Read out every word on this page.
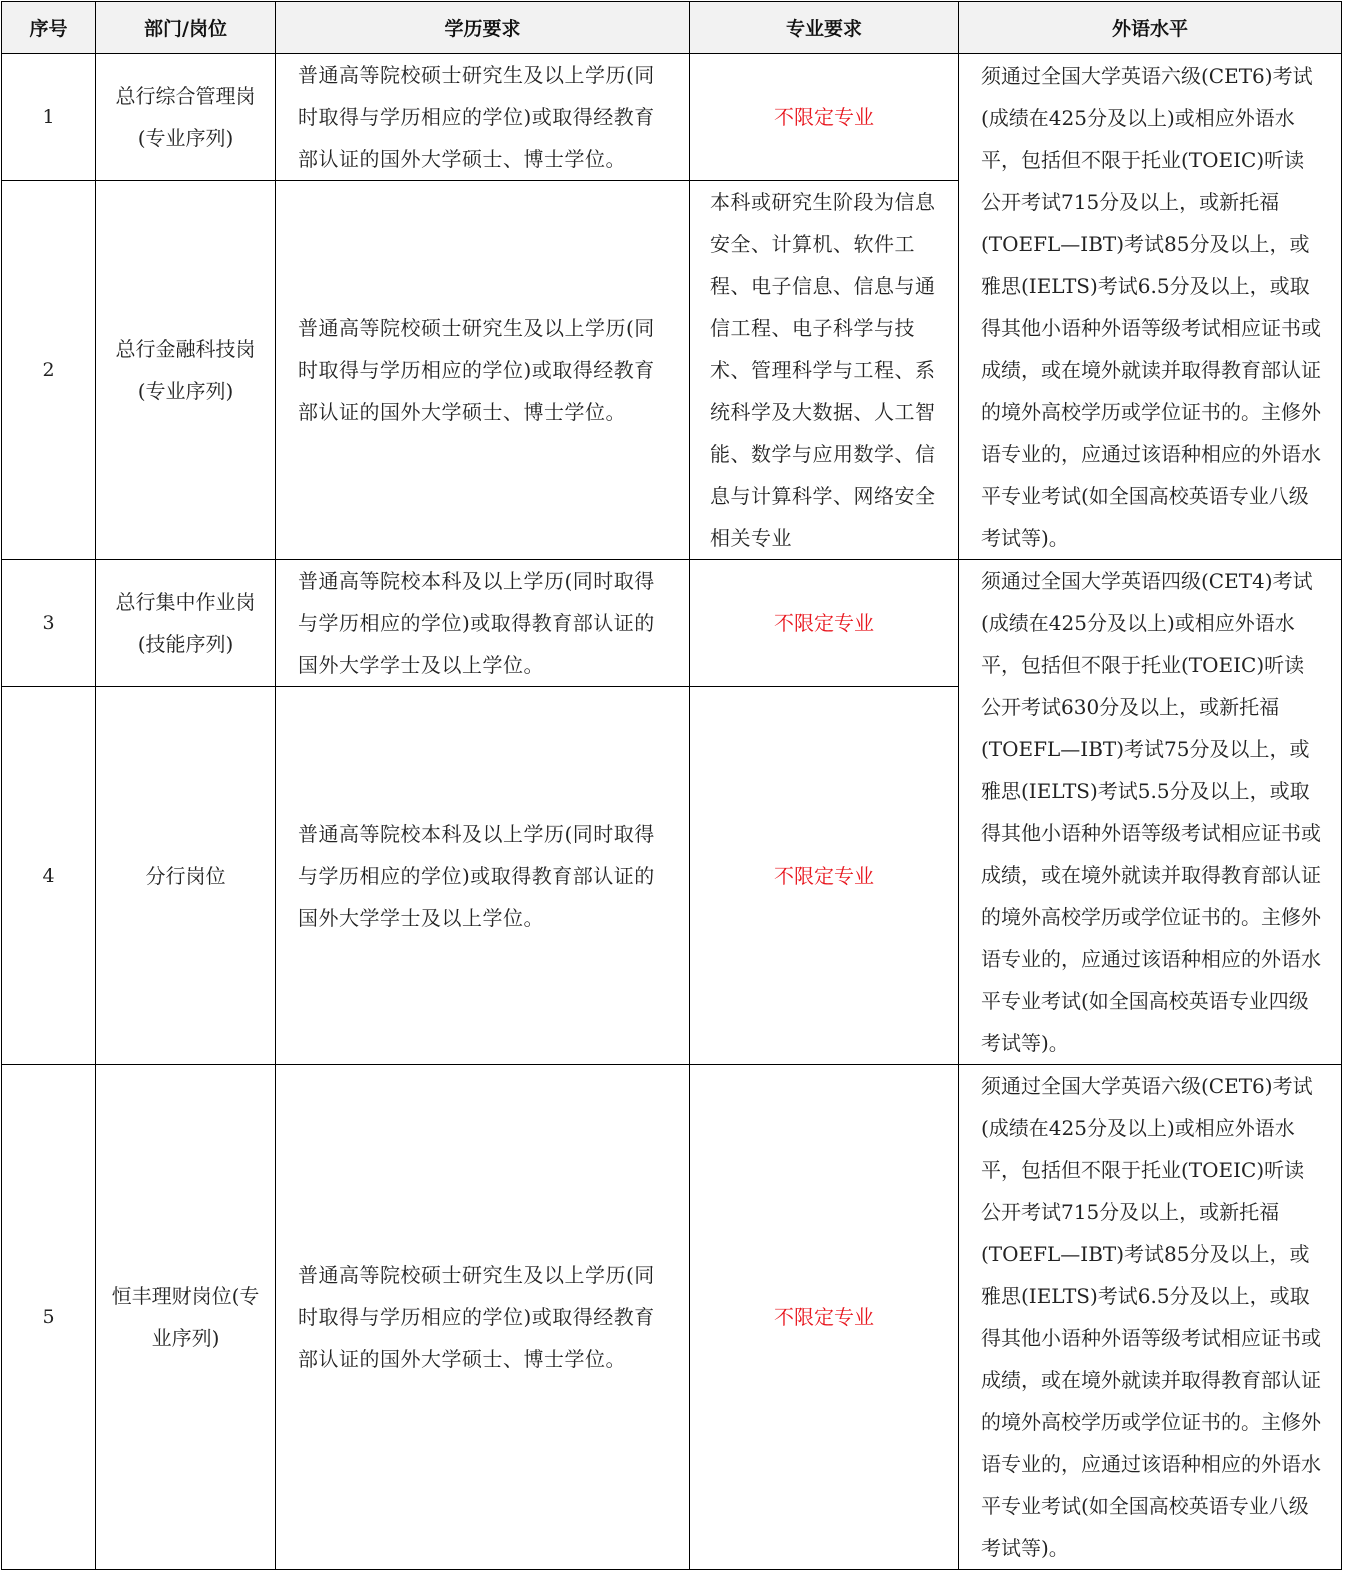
序号	部门/岗位	学历要求	专业要求	外语水平
1	总行综合管理岗(专业序列)	普通高等院校硕士研究生及以上学历(同时取得与学历相应的学位)或取得经教育部认证的国外大学硕士、博士学位。	不限定专业	须通过全国大学英语六级(CET6)考试(成绩在425分及以上)或相应外语水平，包括但不限于托业(TOEIC)听读公开考试715分及以上，或新托福(TOEFL—IBT)考试85分及以上，或雅思(IELTS)考试6.5分及以上，或取得其他小语种外语等级考试相应证书或成绩，或在境外就读并取得教育部认证的境外高校学历或学位证书的。主修外语专业的，应通过该语种相应的外语水平专业考试(如全国高校英语专业八级考试等)。
2	总行金融科技岗(专业序列)	普通高等院校硕士研究生及以上学历(同时取得与学历相应的学位)或取得经教育部认证的国外大学硕士、博士学位。	本科或研究生阶段为信息安全、计算机、软件工程、电子信息、信息与通信工程、电子科学与技术、管理科学与工程、系统科学及大数据、人工智能、数学与应用数学、信息与计算科学、网络安全相关专业	
3	总行集中作业岗(技能序列)	普通高等院校本科及以上学历(同时取得与学历相应的学位)或取得教育部认证的国外大学学士及以上学位。	不限定专业	须通过全国大学英语四级(CET4)考试(成绩在425分及以上)或相应外语水平，包括但不限于托业(TOEIC)听读公开考试630分及以上，或新托福(TOEFL—IBT)考试75分及以上，或雅思(IELTS)考试5.5分及以上，或取得其他小语种外语等级考试相应证书或成绩，或在境外就读并取得教育部认证的境外高校学历或学位证书的。主修外语专业的，应通过该语种相应的外语水平专业考试(如全国高校英语专业四级考试等)。
4	分行岗位	普通高等院校本科及以上学历(同时取得与学历相应的学位)或取得教育部认证的国外大学学士及以上学位。	不限定专业	
5	恒丰理财岗位(专业序列)	普通高等院校硕士研究生及以上学历(同时取得与学历相应的学位)或取得经教育部认证的国外大学硕士、博士学位。	不限定专业	须通过全国大学英语六级(CET6)考试(成绩在425分及以上)或相应外语水平，包括但不限于托业(TOEIC)听读公开考试715分及以上，或新托福(TOEFL—IBT)考试85分及以上，或雅思(IELTS)考试6.5分及以上，或取得其他小语种外语等级考试相应证书或成绩，或在境外就读并取得教育部认证的境外高校学历或学位证书的。主修外语专业的，应通过该语种相应的外语水平专业考试(如全国高校英语专业八级考试等)。
